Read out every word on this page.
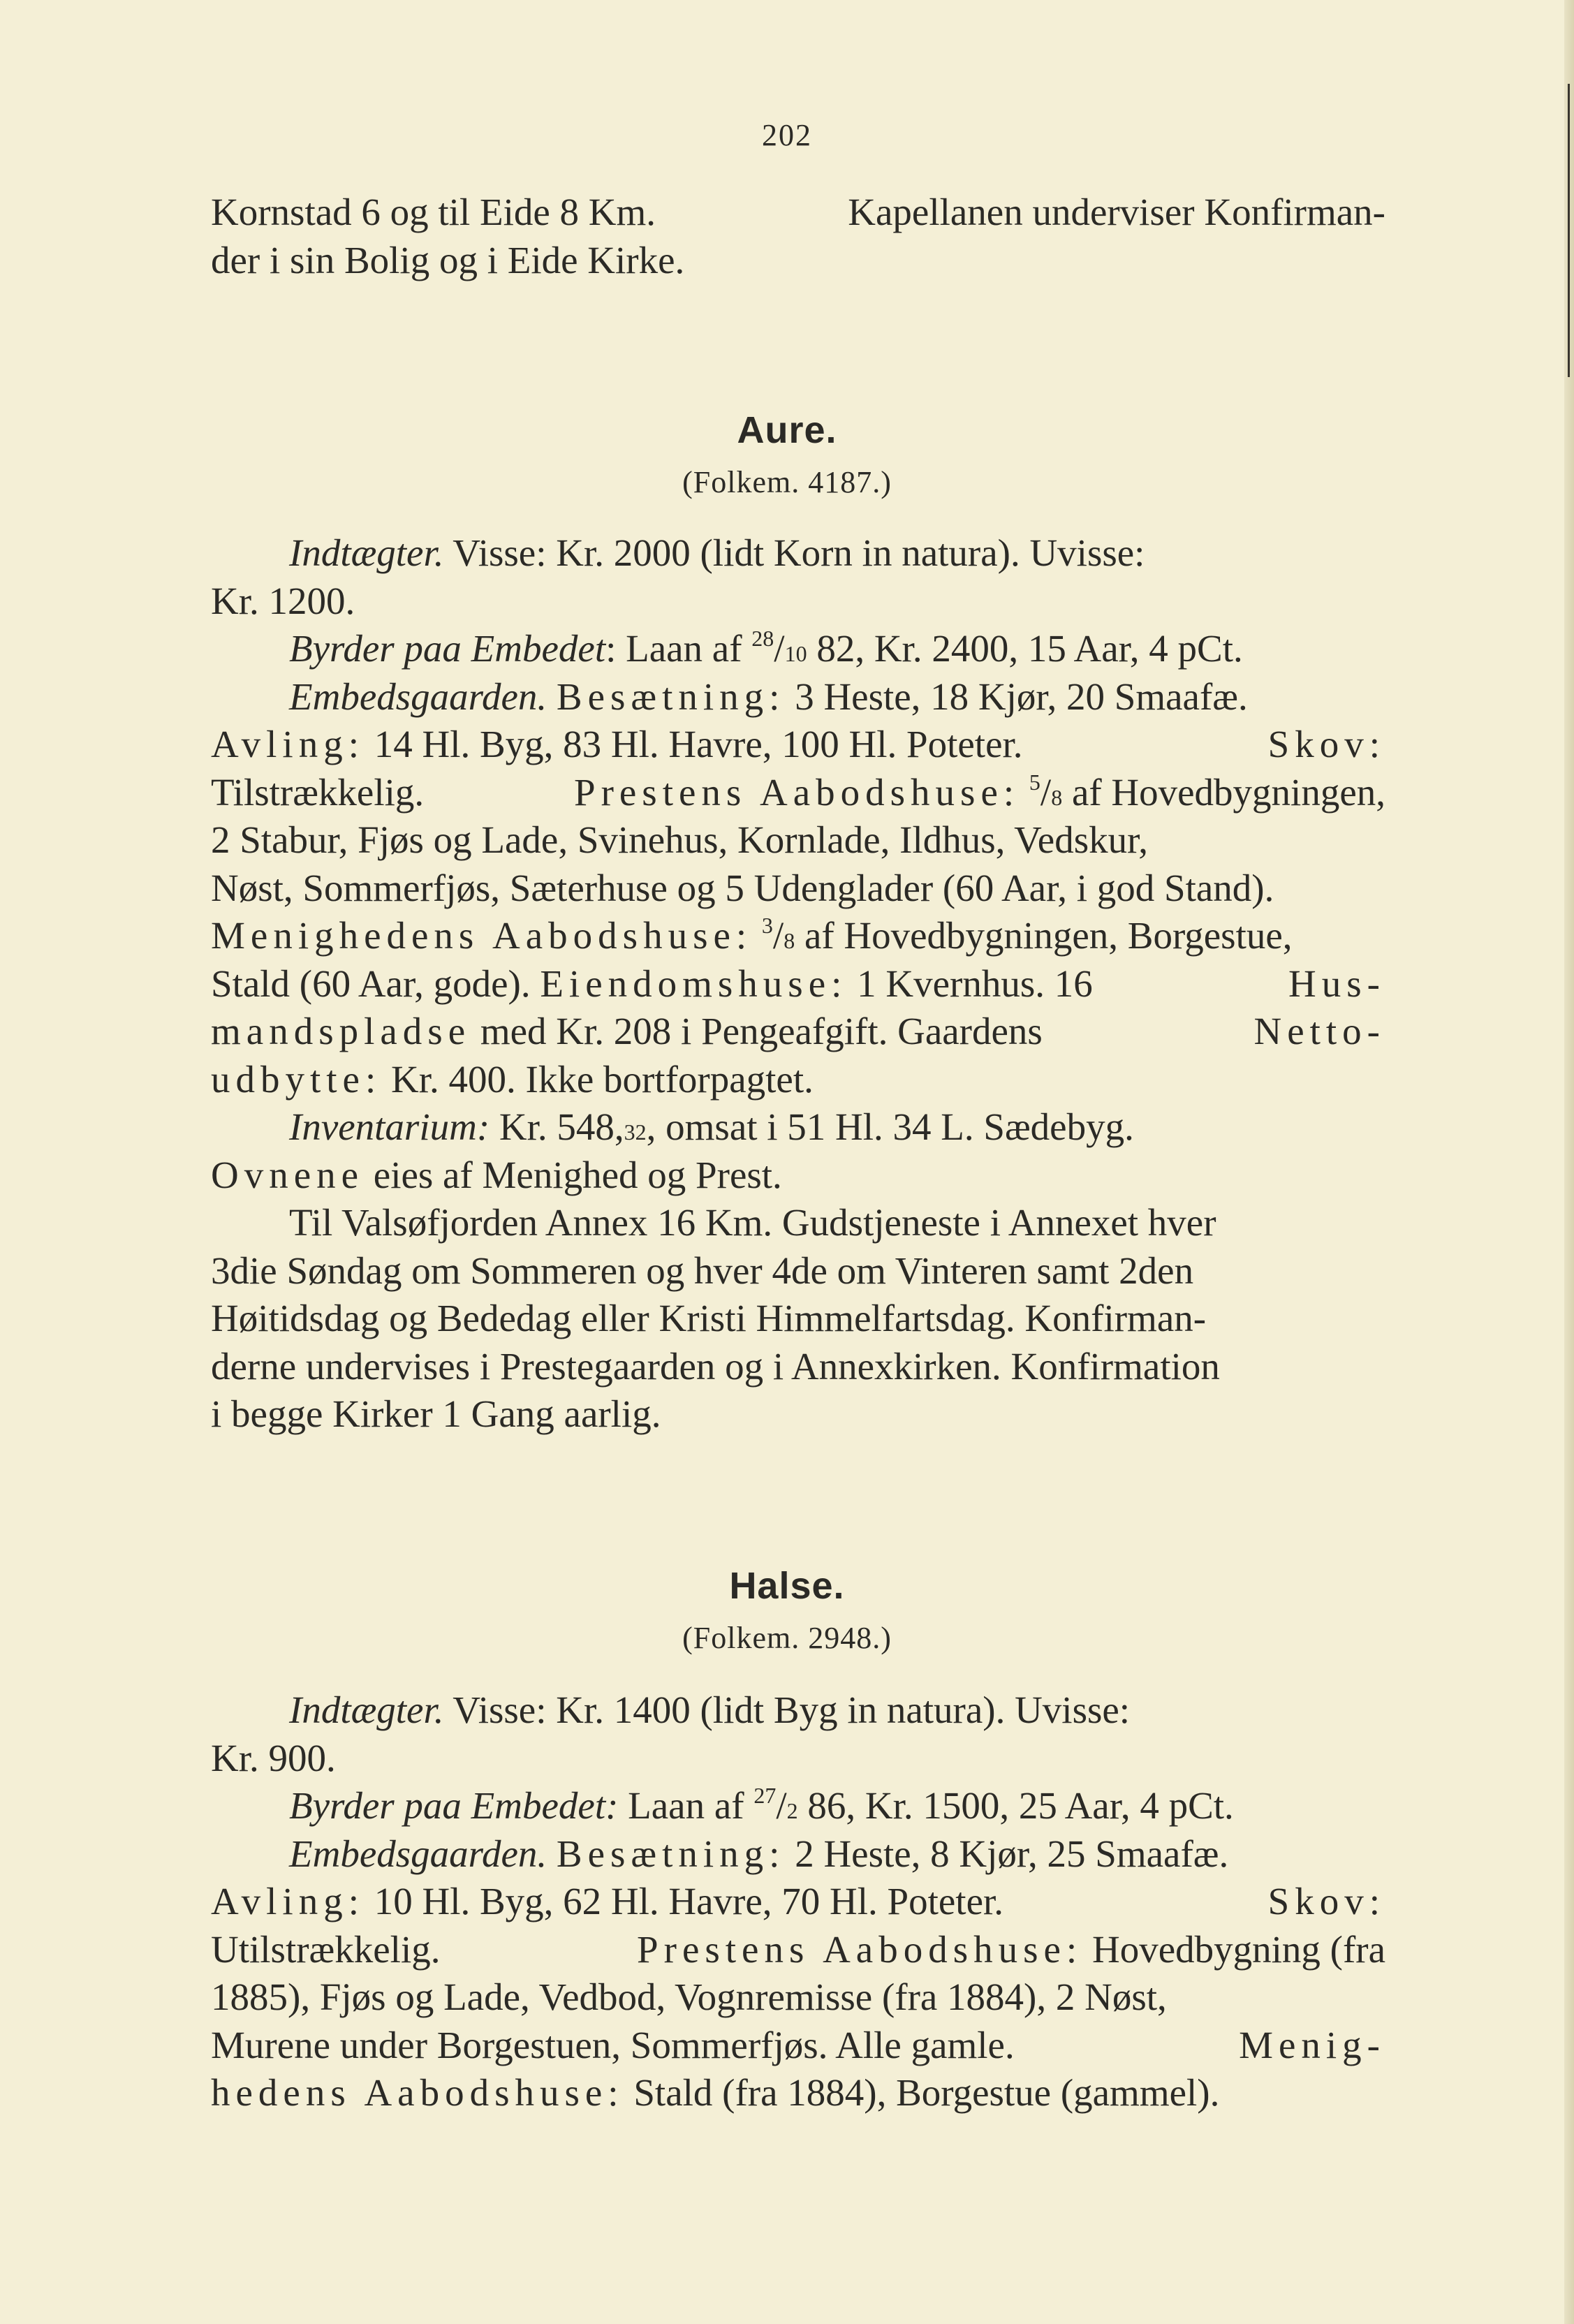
202
Kornstad 6 og til Eide 8 Km.	Kapellanen underviser Konfirman-
der i sin Bolig og i Eide Kirke.
Aure.
(Folkem. 4187.)
Indtægter. Visse: Kr. 2000 (lidt Korn in natura). Uvisse:
Kr. 1200.
Byrder paa Embedet: Laan af $^{28}$/10 82, Kr. 2400, 15 Aar, 4 pCt.
Embedsgaarden. Besætning: 3 Heste, 18 Kjør, 20 Smaafæ.
Avling: 14 Hl. Byg, 83 Hl. Havre, 100 Hl. Poteter.	Skov:
Tilstrækkelig.	Prestens Aabodshuse: $^5$/8 af Hovedbygningen,
2 Stabur, Fjøs og Lade, Svinehus, Kornlade, Ildhus, Vedskur,
Nøst, Sommerfjøs, Sæterhuse og 5 Udenglader (60 Aar, i god Stand).
Menighedens Aabodshuse: $^3$/8 af Hovedbygningen, Borgestue,
Stald (60 Aar, gode). Eiendomshuse: 1 Kvernhus. 16	Hus-
mandspladse med Kr. 208 i Pengeafgift. Gaardens	Netto-
udbytte: Kr. 400. Ikke bortforpagtet.
Inventarium: Kr. 548,32, omsat i 51 Hl. 34 L. Sædebyg.
Ovnene eies af Menighed og Prest.
Til Valsøfjorden Annex 16 Km. Gudstjeneste i Annexet hver
3die Søndag om Sommeren og hver 4de om Vinteren samt 2den
Høitidsdag og Bededag eller Kristi Himmelfartsdag. Konfirman-
derne undervises i Prestegaarden og i Annexkirken. Konfirmation
i begge Kirker 1 Gang aarlig.
Halse.
(Folkem. 2948.)
Indtægter. Visse: Kr. 1400 (lidt Byg in natura). Uvisse:
Kr. 900.
Byrder paa Embedet: Laan af $^{27}$/2 86, Kr. 1500, 25 Aar, 4 pCt.
Embedsgaarden. Besætning: 2 Heste, 8 Kjør, 25 Smaafæ.
Avling: 10 Hl. Byg, 62 Hl. Havre, 70 Hl. Poteter.	Skov:
Utilstrækkelig.	Prestens Aabodshuse: Hovedbygning (fra
1885), Fjøs og Lade, Vedbod, Vognremisse (fra 1884), 2 Nøst,
Murene under Borgestuen, Sommerfjøs. Alle gamle.	Menig-
hedens Aabodshuse: Stald (fra 1884), Borgestue (gammel).
